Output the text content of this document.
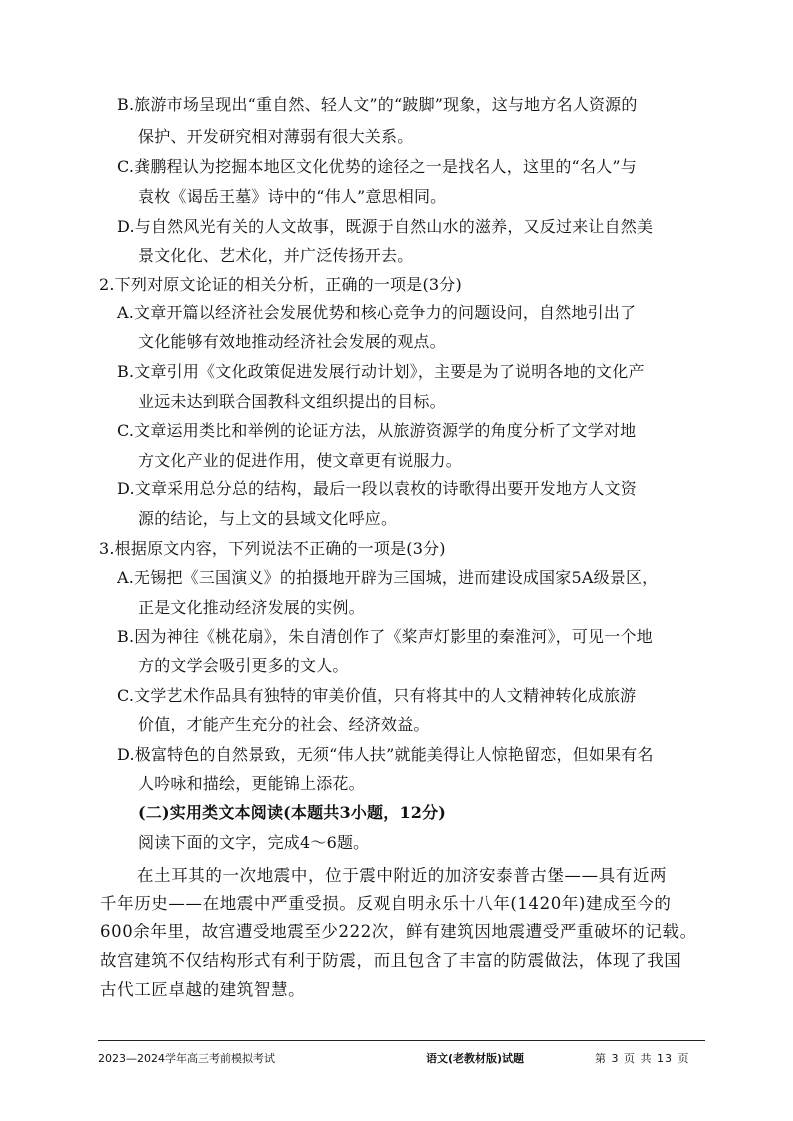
B.旅游市场呈现出“重自然、轻人文”的“跛脚”现象，这与地方名人资源的
保护、开发研究相对薄弱有很大关系。
C.龚鹏程认为挖掘本地区文化优势的途径之一是找名人，这里的“名人”与
袁枚《谒岳王墓》诗中的“伟人”意思相同。
D.与自然风光有关的人文故事，既源于自然山水的滋养，又反过来让自然美
景文化化、艺术化，并广泛传扬开去。
2.下列对原文论证的相关分析，正确的一项是(3分)
A.文章开篇以经济社会发展优势和核心竞争力的问题设问，自然地引出了
文化能够有效地推动经济社会发展的观点。
B.文章引用《文化政策促进发展行动计划》，主要是为了说明各地的文化产
业远未达到联合国教科文组织提出的目标。
C.文章运用类比和举例的论证方法，从旅游资源学的角度分析了文学对地
方文化产业的促进作用，使文章更有说服力。
D.文章采用总分总的结构，最后一段以袁枚的诗歌得出要开发地方人文资
源的结论，与上文的县域文化呼应。
3.根据原文内容，下列说法不正确的一项是(3分)
A.无锡把《三国演义》的拍摄地开辟为三国城，进而建设成国家5A级景区，
正是文化推动经济发展的实例。
B.因为神往《桃花扇》，朱自清创作了《桨声灯影里的秦淮河》，可见一个地
方的文学会吸引更多的文人。
C.文学艺术作品具有独特的审美价值，只有将其中的人文精神转化成旅游
价值，才能产生充分的社会、经济效益。
D.极富特色的自然景致，无须“伟人扶”就能美得让人惊艳留恋，但如果有名
人吟咏和描绘，更能锦上添花。
(二)实用类文本阅读(本题共3小题，12分)
阅读下面的文字，完成4～6题。
在土耳其的一次地震中，位于震中附近的加济安泰普古堡——具有近两
千年历史——在地震中严重受损。反观自明永乐十八年(1420年)建成至今的
600余年里，故宫遭受地震至少222次，鲜有建筑因地震遭受严重破坏的记载。
故宫建筑不仅结构形式有利于防震，而且包含了丰富的防震做法，体现了我国
古代工匠卓越的建筑智慧。
2023—2024学年高三考前模拟考试	语文(老教材版)试题	第 3 页 共 13 页
